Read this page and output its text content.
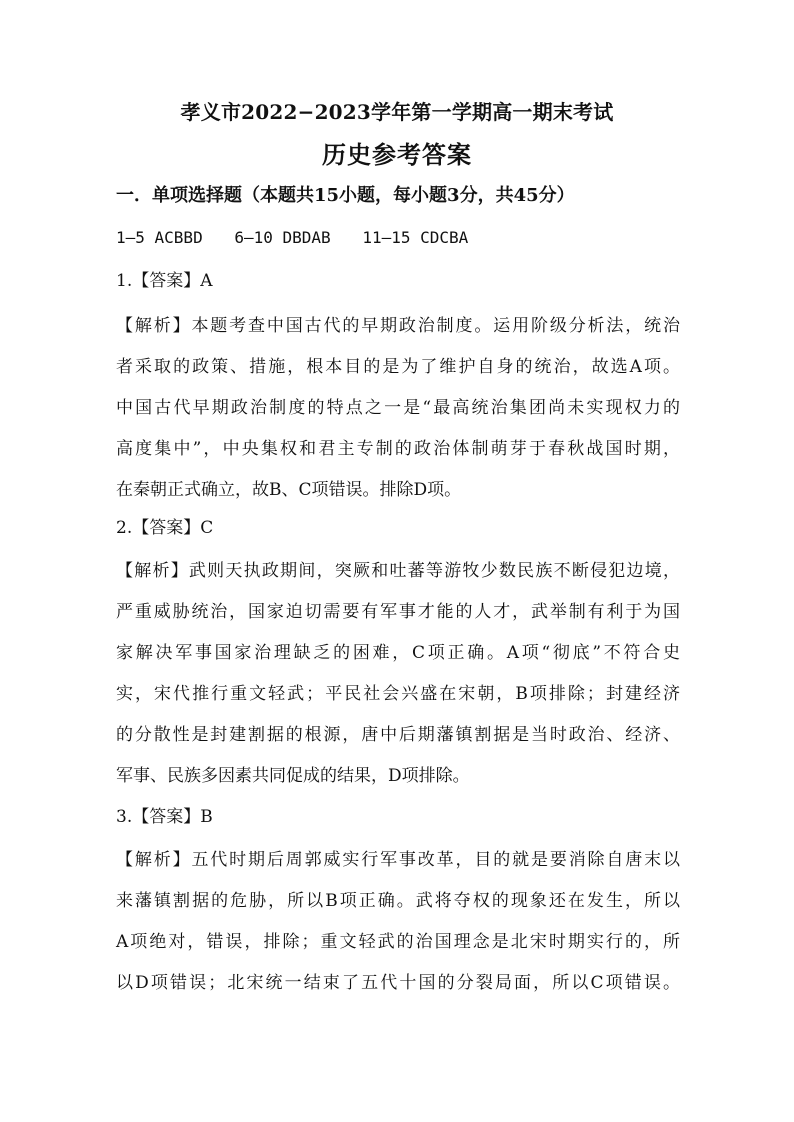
孝义市2022−2023学年第一学期高一期末考试
历史参考答案

一．单项选择题（本题共15小题，每小题3分，共45分）

1—5 ACBBD 6—10 DBDAB 11—15 CDCBA

1.【答案】A

【解析】本题考查中国古代的早期政治制度。运用阶级分析法，统治

者采取的政策、措施，根本目的是为了维护自身的统治，故选A项。

中国古代早期政治制度的特点之一是“最高统治集团尚未实现权力的

高度集中”，中央集权和君主专制的政治体制萌芽于春秋战国时期，

在秦朝正式确立，故B、C项错误。排除D项。

2.【答案】C

【解析】武则天执政期间，突厥和吐蕃等游牧少数民族不断侵犯边境，

严重威胁统治，国家迫切需要有军事才能的人才，武举制有利于为国

家解决军事国家治理缺乏的困难，C项正确。A项“彻底”不符合史

实，宋代推行重文轻武；平民社会兴盛在宋朝，B项排除；封建经济

的分散性是封建割据的根源，唐中后期藩镇割据是当时政治、经济、

军事、民族多因素共同促成的结果，D项排除。

3.【答案】B

【解析】五代时期后周郭威实行军事改革，目的就是要消除自唐末以

来藩镇割据的危胁，所以B项正确。武将夺权的现象还在发生，所以

A项绝对，错误，排除；重文轻武的治国理念是北宋时期实行的，所

以D项错误；北宋统一结束了五代十国的分裂局面，所以C项错误。
